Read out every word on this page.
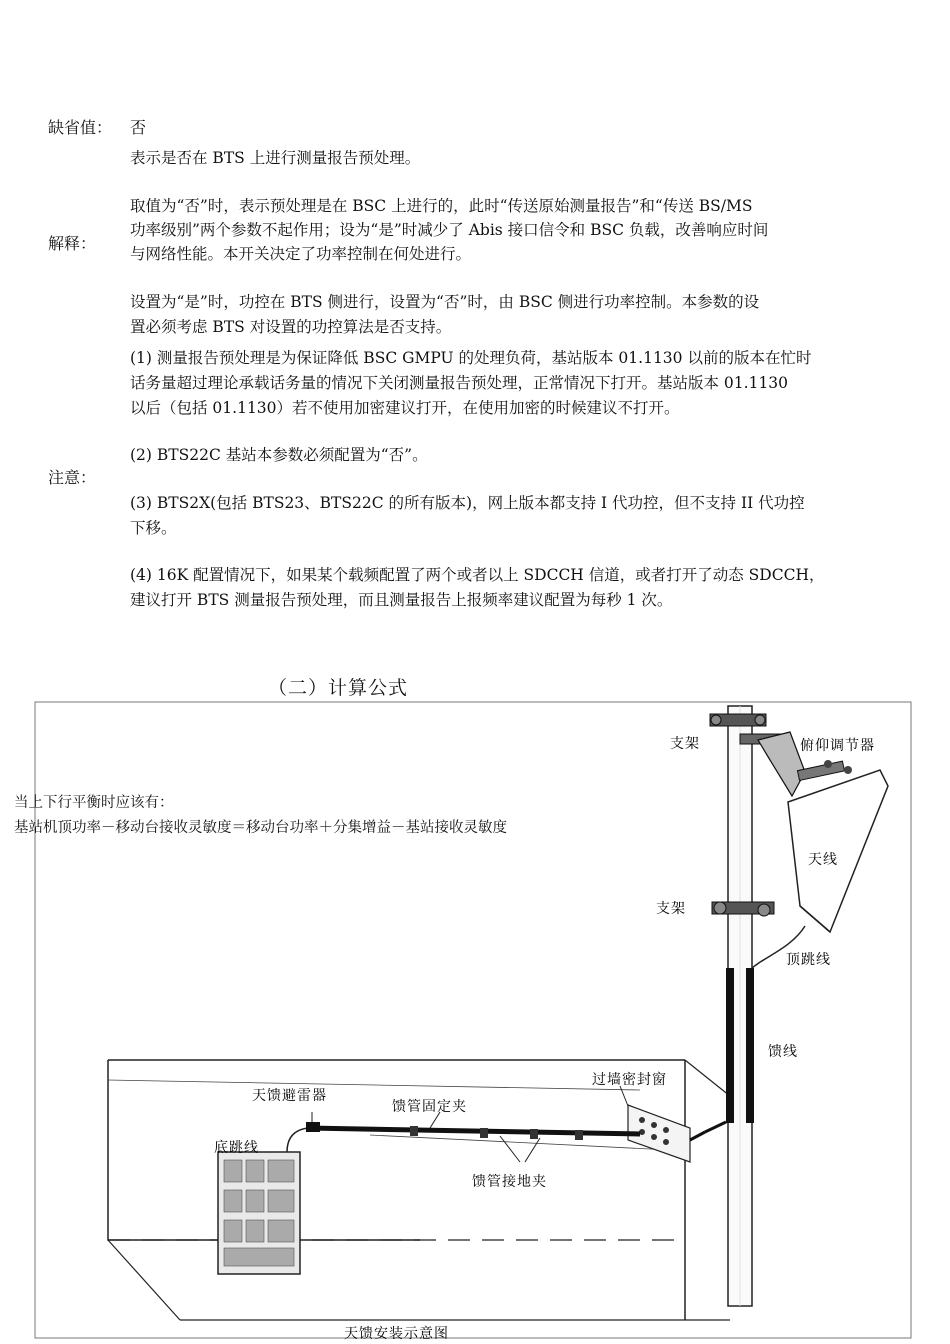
缺省值： 否
表示是否在 BTS 上进行测量报告预处理。
解释：
取值为“否”时，表示预处理是在 BSC 上进行的，此时“传送原始测量报告”和“传送 BS/MS
功率级别”两个参数不起作用；设为“是”时减少了 Abis 接口信令和 BSC 负载，改善响应时间
与网络性能。本开关决定了功率控制在何处进行。
设置为“是”时，功控在 BTS 侧进行，设置为“否”时，由 BSC 侧进行功率控制。本参数的设
置必须考虑 BTS 对设置的功控算法是否支持。
(1) 测量报告预处理是为保证降低 BSC GMPU 的处理负荷，基站版本 01.1130 以前的版本在忙时
话务量超过理论承载话务量的情况下关闭测量报告预处理，正常情况下打开。基站版本 01.1130
以后（包括 01.1130）若不使用加密建议打开，在使用加密的时候建议不打开。
(2) BTS22C 基站本参数必须配置为“否”。
注意：
(3) BTS2X(包括 BTS23、BTS22C 的所有版本)，网上版本都支持 I 代功控，但不支持 II 代功控
下移。
(4) 16K 配置情况下，如果某个载频配置了两个或者以上 SDCCH 信道，或者打开了动态 SDCCH，
建议打开 BTS 测量报告预处理，而且测量报告上报频率建议配置为每秒 1 次。
（二）计算公式
支架	俯仰调节器
天线
支架
顶跳线
馈线
过墙密封窗
天馈避雷器
馈管固定夹
底跳线
馈管接地夹
天馈安装示意图
当上下行平衡时应该有：
基站机顶功率－移动台接收灵敏度＝移动台功率＋分集增益－基站接收灵敏度
